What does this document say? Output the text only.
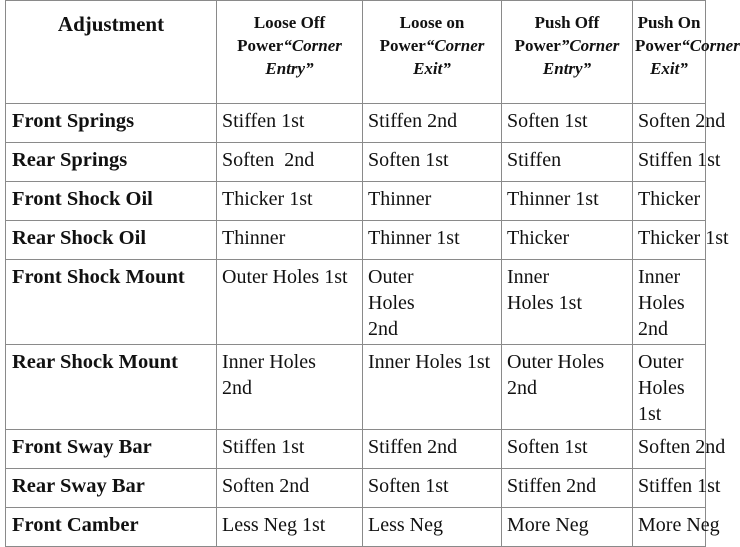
Adjustment	Loose Off Power“Corner Entry”	Loose on Power“Corner Exit”	Push Off Power”Corner Entry”	Push On Power“Corner Exit”
Front Springs	Stiffen 1st	Stiffen 2nd	Soften 1st	Soften 2nd
Rear Springs	Soften  2nd	Soften 1st	Stiffen	Stiffen 1st
Front Shock Oil	Thicker 1st	Thinner	Thinner 1st	Thicker
Rear Shock Oil	Thinner	Thinner 1st	Thicker	Thicker 1st
Front Shock Mount	Outer Holes 1st	Outer Holes 2nd	Inner Holes 1st	Inner Holes 2nd
Rear Shock Mount	Inner Holes 2nd	Inner Holes 1st	Outer Holes 2nd	Outer Holes 1st
Front Sway Bar	Stiffen 1st	Stiffen 2nd	Soften 1st	Soften 2nd
Rear Sway Bar	Soften 2nd	Soften 1st	Stiffen 2nd	Stiffen 1st
Front Camber	Less Neg 1st	Less Neg	More Neg	More Neg
